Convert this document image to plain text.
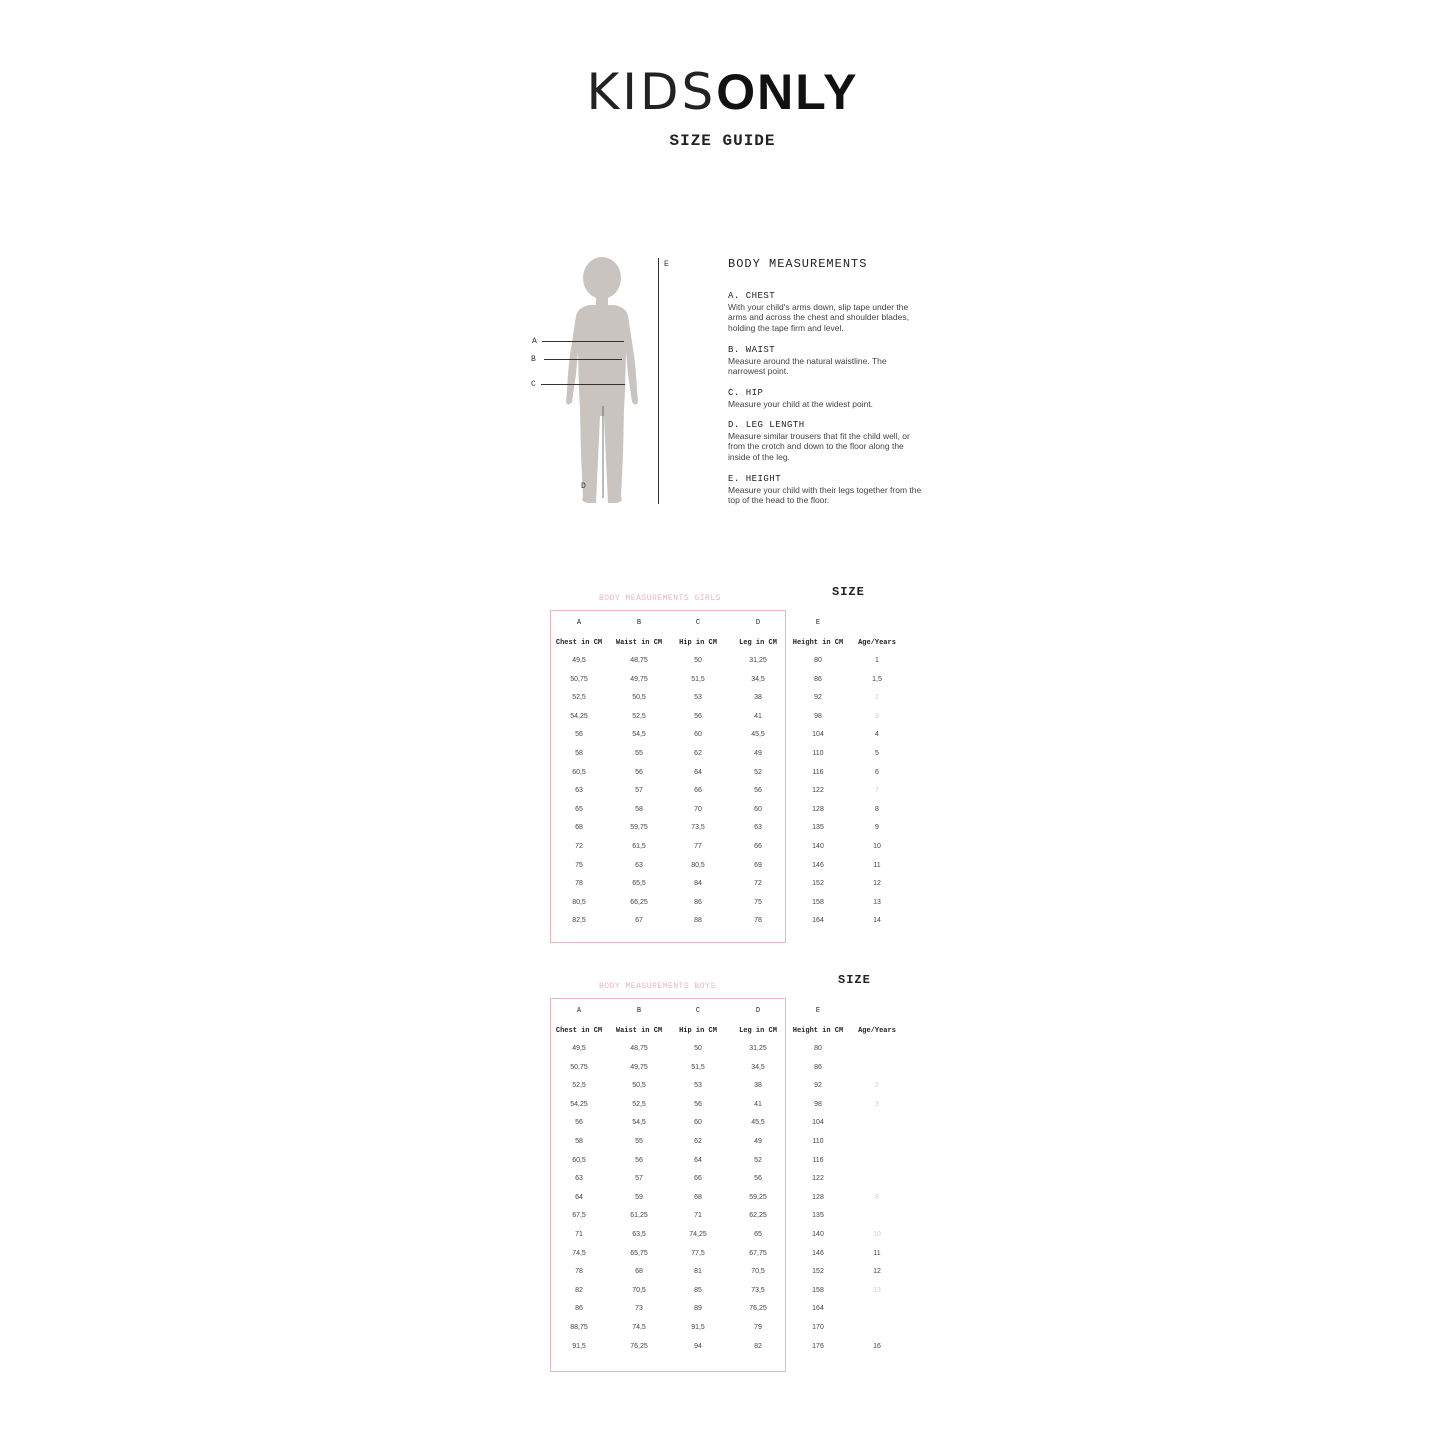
KIDSONLY
SIZE GUIDE
A
B
C
D
E	BODY MEASUREMENTS
A. CHEST
With your child's arms down, slip tape under the arms and across the chest and shoulder blades, holding the tape firm and level.
B. WAIST
Measure around the natural waistline. The narrowest point.
C. HIP
Measure your child at the widest point.
D. LEG LENGTH
Measure similar trousers that fit the child well, or from the crotch and down to the floor along the inside of the leg.
E. HEIGHT
Measure your child with their legs together from the top of the head to the floor.
BODY MEASUREMENTS GIRLS	SIZE
A	B	C	D	E
Chest in CM	Waist in CM	Hip in CM	Leg in CM	Height in CM	Age/Years
49,5	48,75	50	31,25	80	1
50,75	49,75	51,5	34,5	86	1,5
52,5	50,5	53	38	92	2
54,25	52,5	56	41	98	3
56	54,5	60	45,5	104	4
58	55	62	49	110	5
60,5	56	64	52	116	6
63	57	66	56	122	7
65	58	70	60	128	8
68	59,75	73,5	63	135	9
72	61,5	77	66	140	10
75	63	80,5	69	146	11
78	65,5	84	72	152	12
80,5	66,25	86	75	158	13
82,5	67	88	78	164	14
BODY MEASUREMENTS BOYS	SIZE
A	B	C	D	E
Chest in CM	Waist in CM	Hip in CM	Leg in CM	Height in CM	Age/Years
49,5	48,75	50	31,25	80
50,75	49,75	51,5	34,5	86
52,5	50,5	53	38	92	2
54,25	52,5	56	41	98	3
56	54,5	60	45,5	104
58	55	62	49	110
60,5	56	64	52	116
63	57	66	56	122
64	59	68	59,25	128	8
67,5	61,25	71	62,25	135
71	63,5	74,25	65	140	10
74,5	65,75	77,5	67,75	146	11
78	68	81	70,5	152	12
82	70,5	85	73,5	158	13
86	73	89	76,25	164
88,75	74,5	91,5	79	170
91,5	76,25	94	82	176	16
